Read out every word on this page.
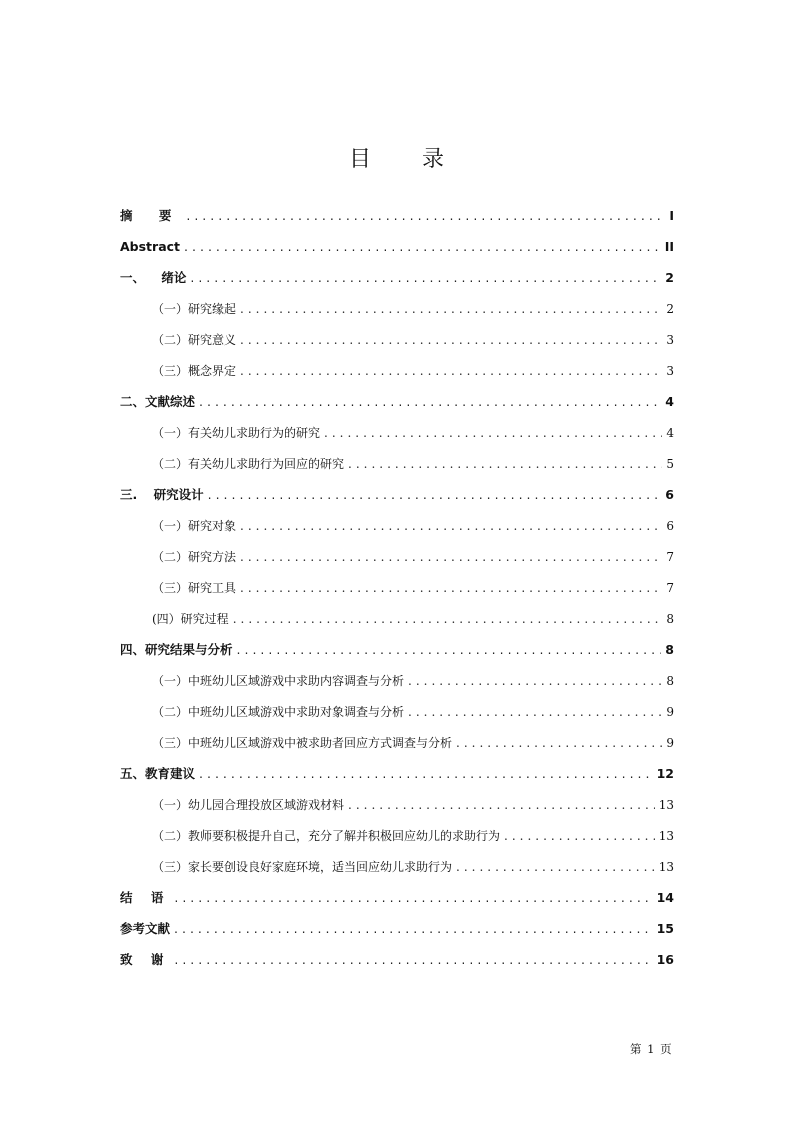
目 录
摘 要 .....	I
Abstract .....	II
一、 绪论 .....	2
（一）研究缘起 .....	2
（二）研究意义 .....	3
（三）概念界定 .....	3
二、文献综述 .....	4
（一）有关幼儿求助行为的研究 .....	4
（二）有关幼儿求助行为回应的研究 .....	5
三. 研究设计 .....	6
（一）研究对象 .....	6
（二）研究方法 .....	7
（三）研究工具 .....	7
(四）研究过程 .....	8
四、研究结果与分析 .....	8
（一）中班幼儿区域游戏中求助内容调查与分析 .....	8
（二）中班幼儿区域游戏中求助对象调查与分析 .....	9
（三）中班幼儿区域游戏中被求助者回应方式调查与分析 .....	9
五、教育建议 .....	12
（一）幼儿园合理投放区域游戏材料 .....	13
（二）教师要积极提升自己，充分了解并积极回应幼儿的求助行为 .....	13
（三）家长要创设良好家庭环境，适当回应幼儿求助行为 .....	13
结 语 .....	14
参考文献 .....	15
致 谢 .....	16
第 1 页
